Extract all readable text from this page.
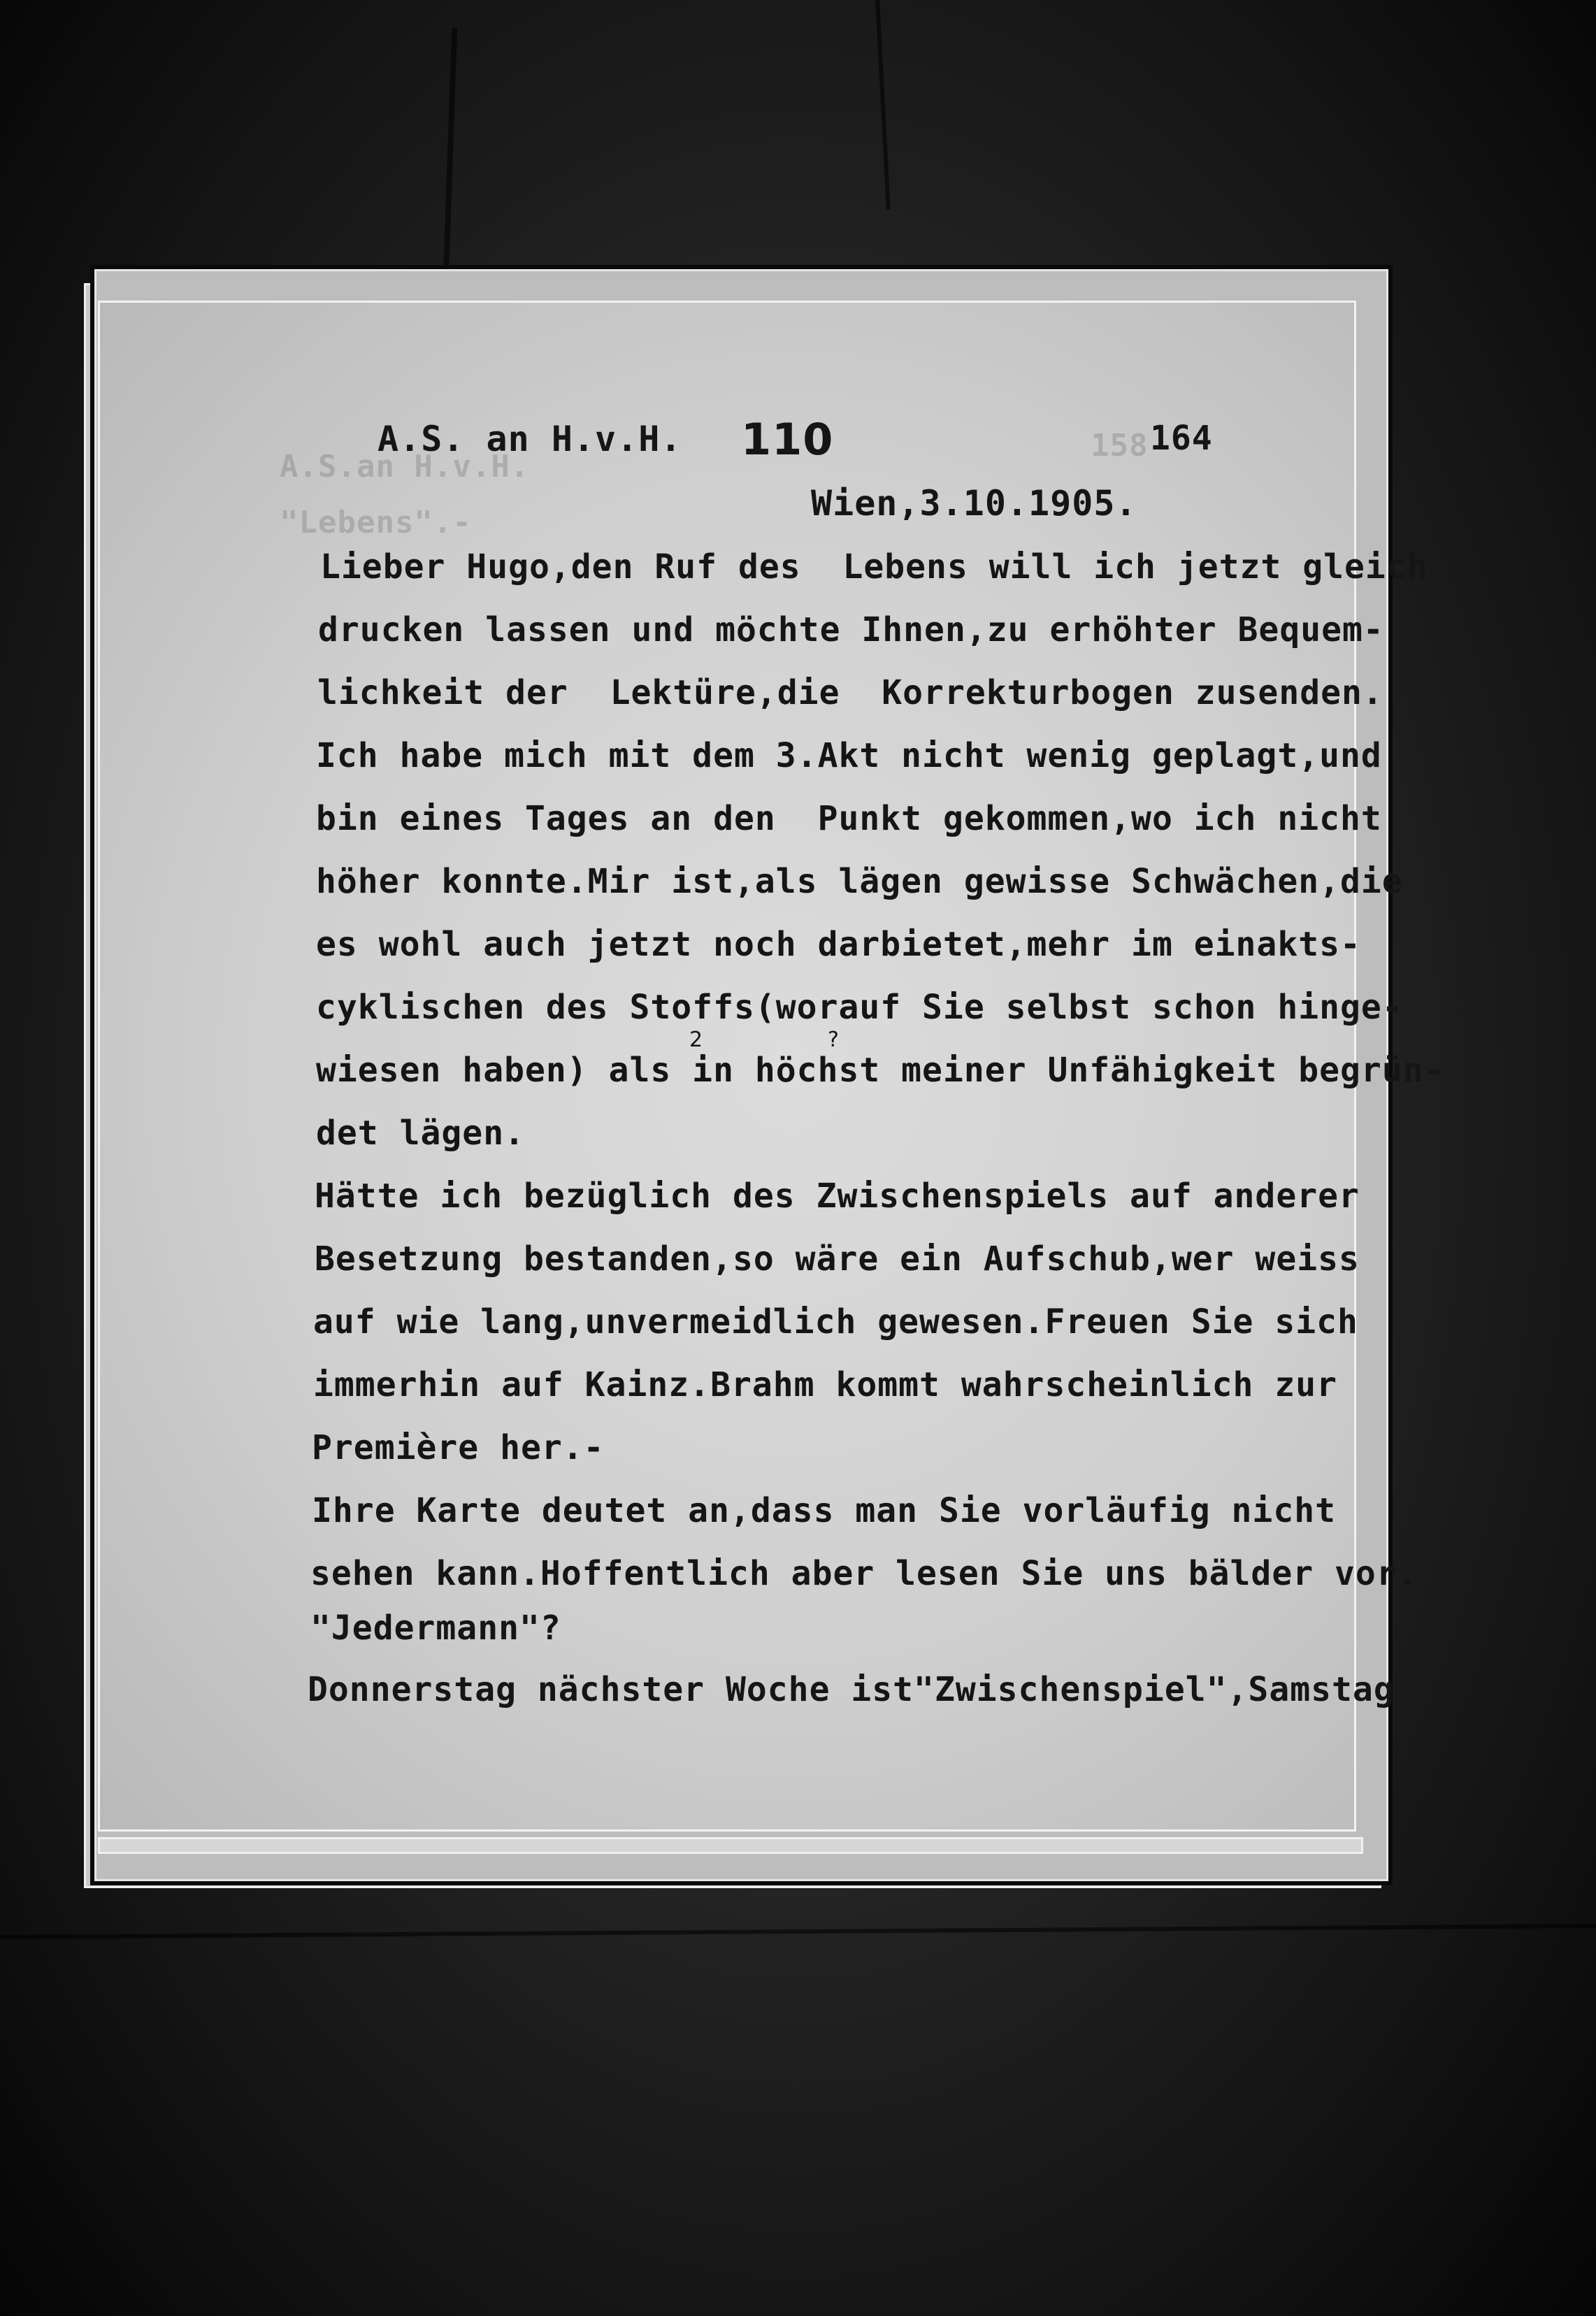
A.S.an H.v.H.
"Lebens".-
158
A.S. an H.v.H. 110	164
Wien,3.10.1905.
Lieber Hugo,den Ruf des  Lebens will ich jetzt gleich
drucken lassen und möchte Ihnen,zu erhöhter Bequem-
lichkeit der  Lektüre,die  Korrekturbogen zusenden.
Ich habe mich mit dem 3.Akt nicht wenig geplagt,und
bin eines Tages an den  Punkt gekommen,wo ich nicht
höher konnte.Mir ist,als lägen gewisse Schwächen,die
es wohl auch jetzt noch darbietet,mehr im einakts-
cyklischen des Stoffs(worauf Sie selbst schon hinge-
wiesen haben) als in höchst meiner Unfähigkeit begrün-
det lägen.
Hätte ich bezüglich des Zwischenspiels auf anderer
Besetzung bestanden,so wäre ein Aufschub,wer weiss
auf wie lang,unvermeidlich gewesen.Freuen Sie sich
immerhin auf Kainz.Brahm kommt wahrscheinlich zur
Première her.-
Ihre Karte deutet an,dass man Sie vorläufig nicht
sehen kann.Hoffentlich aber lesen Sie uns bälder vor.
"Jedermann"?
Donnerstag nächster Woche ist"Zwischenspiel",Samstag
2	?
